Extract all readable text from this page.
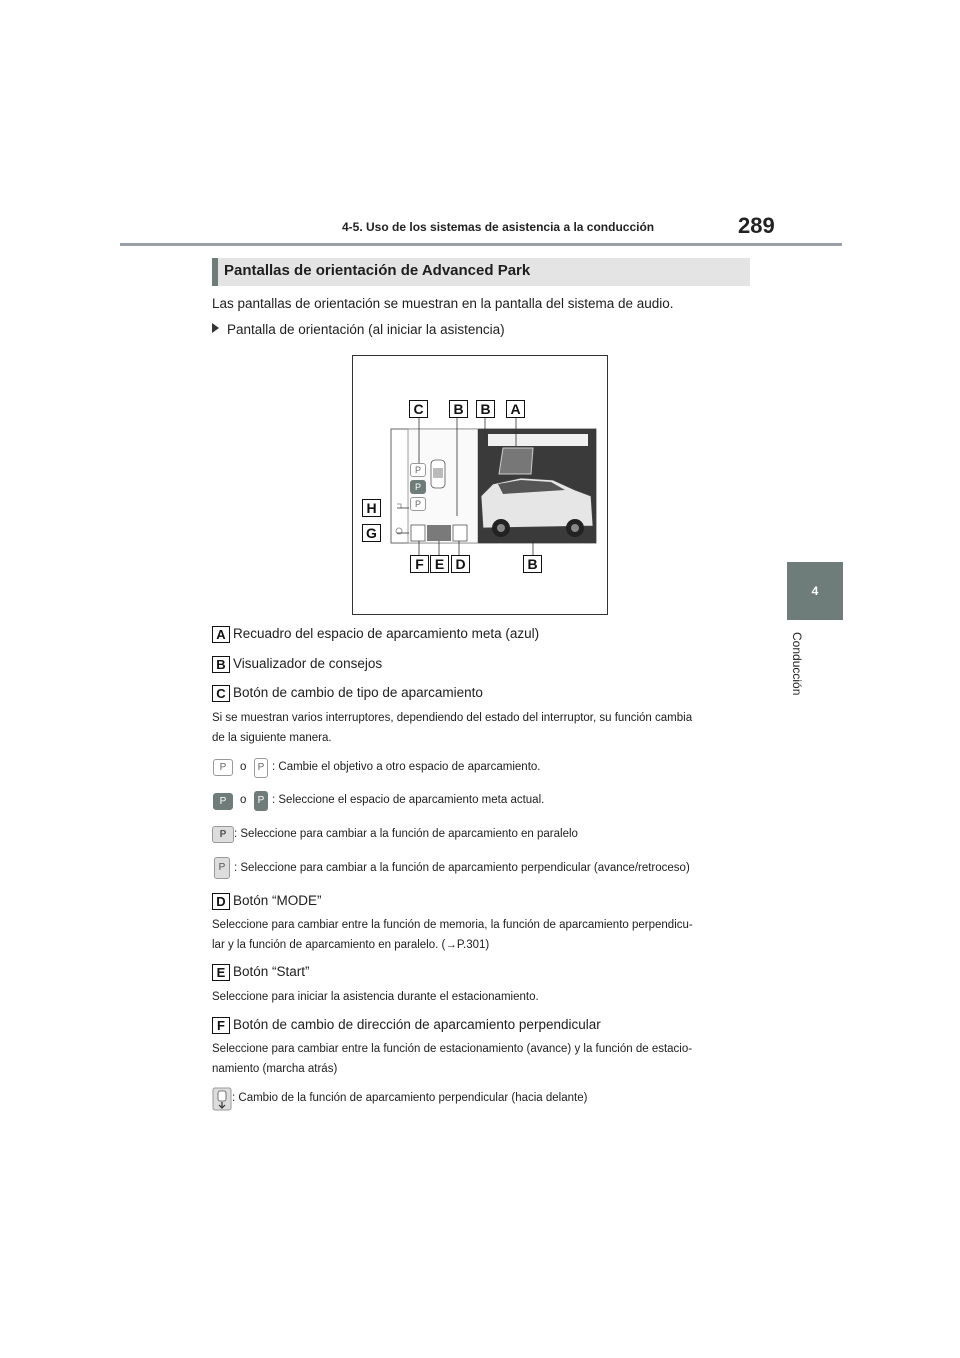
4-5. Uso de los sistemas de asistencia a la conducción	289
4
Conducción
Pantallas de orientación de Advanced Park
Las pantallas de orientación se muestran en la pantalla del sistema de audio.
Pantalla de orientación (al iniciar la asistencia)
P
P
P
C	B	B	A
H
G
F E D	B
A Recuadro del espacio de aparcamiento meta (azul)
B Visualizador de consejos
C Botón de cambio de tipo de aparcamiento
Si se muestran varios interruptores, dependiendo del estado del interruptor, su función cambia
de la siguiente manera.
P	o	P : Cambie el objetivo a otro espacio de aparcamiento.
P	o	P : Seleccione el espacio de aparcamiento meta actual.
P : Seleccione para cambiar a la función de aparcamiento en paralelo
P : Seleccione para cambiar a la función de aparcamiento perpendicular (avance/retroceso)
D Botón “MODE”
Seleccione para cambiar entre la función de memoria, la función de aparcamiento perpendicu-
lar y la función de aparcamiento en paralelo. (→P.301)
E Botón “Start”
Seleccione para iniciar la asistencia durante el estacionamiento.
F Botón de cambio de dirección de aparcamiento perpendicular
Seleccione para cambiar entre la función de estacionamiento (avance) y la función de estacio-
namiento (marcha atrás)
: Cambio de la función de aparcamiento perpendicular (hacia delante)
